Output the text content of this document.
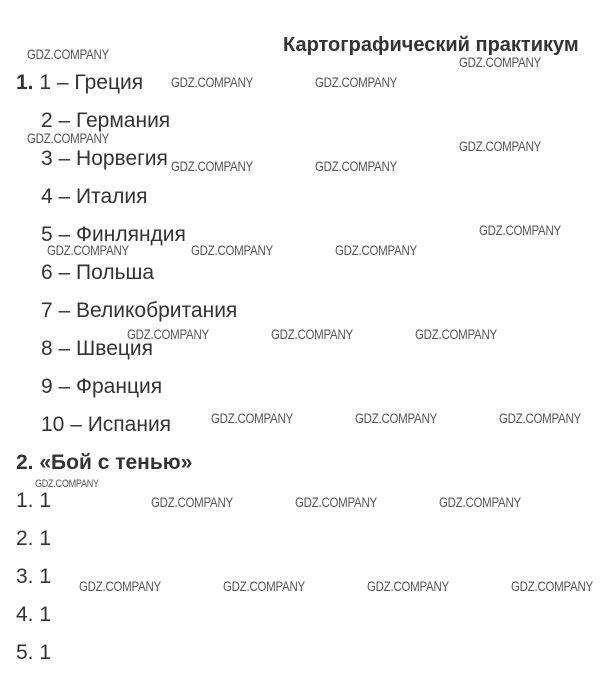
Картографический практикум
1. 1 – Греция
2 – Германия
3 – Норвегия
4 – Италия
5 – Финляндия
6 – Польша
7 – Великобритания
8 – Швеция
9 – Франция
10 – Испания
2. «Бой с тенью»
1. 1
2. 1
3. 1
4. 1
5. 1
GDZ.COMPANY	GDZ.COMPANY
GDZ.COMPANY	GDZ.COMPANY
GDZ.COMPANY	GDZ.COMPANY
GDZ.COMPANY	GDZ.COMPANY
GDZ.COMPANY
GDZ.COMPANY	GDZ.COMPANY	GDZ.COMPANY
GDZ.COMPANY	GDZ.COMPANY	GDZ.COMPANY
GDZ.COMPANY	GDZ.COMPANY	GDZ.COMPANY
GDZ.COMPANY
GDZ.COMPANY	GDZ.COMPANY	GDZ.COMPANY
GDZ.COMPANY	GDZ.COMPANY	GDZ.COMPANY	GDZ.COMPANY
